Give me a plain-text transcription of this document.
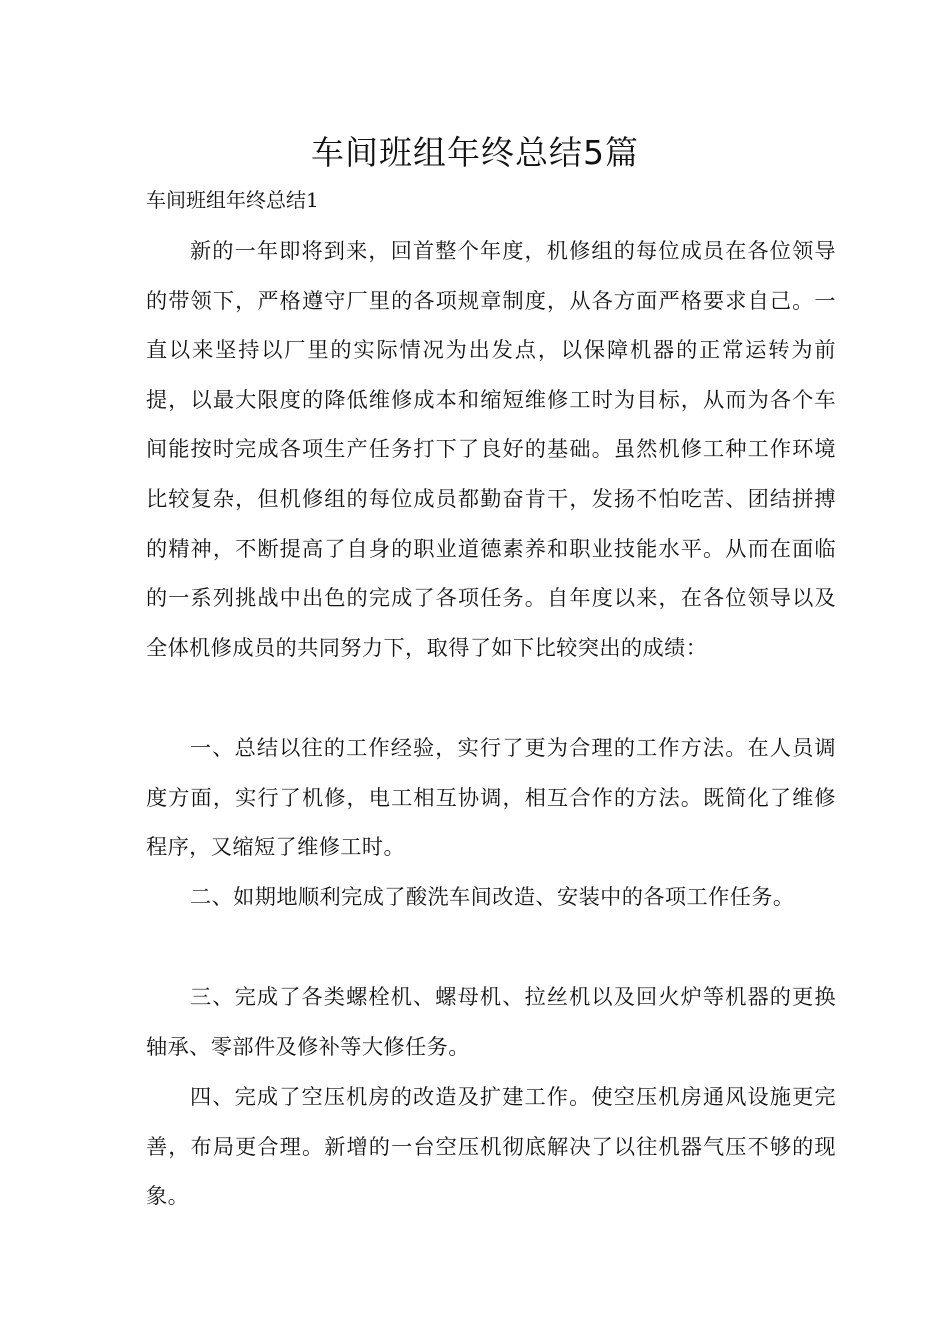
车间班组年终总结5篇

车间班组年终总结1

新的一年即将到来，回首整个年度，机修组的每位成员在各位领导的带领下，严格遵守厂里的各项规章制度，从各方面严格要求自己。一直以来坚持以厂里的实际情况为出发点，以保障机器的正常运转为前提，以最大限度的降低维修成本和缩短维修工时为目标，从而为各个车间能按时完成各项生产任务打下了良好的基础。虽然机修工种工作环境比较复杂，但机修组的每位成员都勤奋肯干，发扬不怕吃苦、团结拼搏的精神，不断提高了自身的职业道德素养和职业技能水平。从而在面临的一系列挑战中出色的完成了各项任务。自年度以来，在各位领导以及全体机修成员的共同努力下，取得了如下比较突出的成绩：

一、总结以往的工作经验，实行了更为合理的工作方法。在人员调度方面，实行了机修，电工相互协调，相互合作的方法。既简化了维修程序，又缩短了维修工时。

二、如期地顺利完成了酸洗车间改造、安装中的各项工作任务。

三、完成了各类螺栓机、螺母机、拉丝机以及回火炉等机器的更换轴承、零部件及修补等大修任务。

四、完成了空压机房的改造及扩建工作。使空压机房通风设施更完善，布局更合理。新增的一台空压机彻底解决了以往机器气压不够的现象。
